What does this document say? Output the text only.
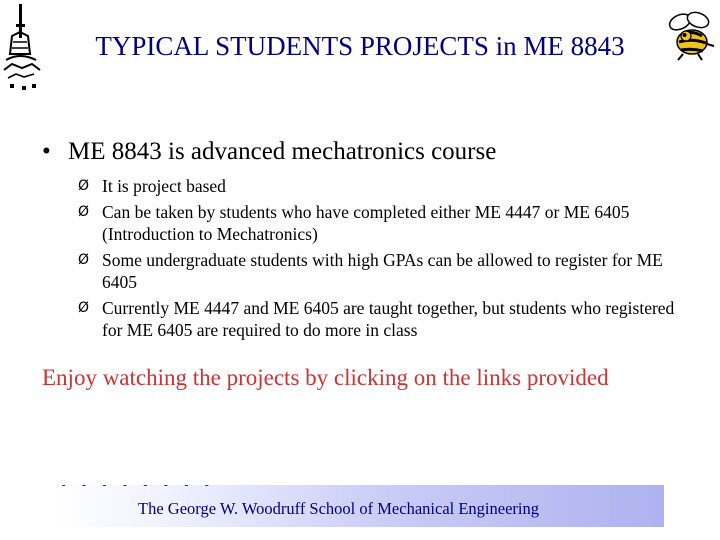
TYPICAL STUDENTS PROJECTS in ME 8843
• ME 8843 is advanced mechatronics course
Ø It is project based
Ø Can be taken by students who have completed either ME 4447 or ME 6405 (Introduction to Mechatronics)
Ø Some undergraduate students with high GPAs can be allowed to register for ME 6405
Ø Currently ME 4447 and ME 6405 are taught together, but students who registered for ME 6405 are required to do more in class
Enjoy watching the projects by clicking on the links provided
- - - - - - - -
The George W. Woodruff School of Mechanical Engineering
